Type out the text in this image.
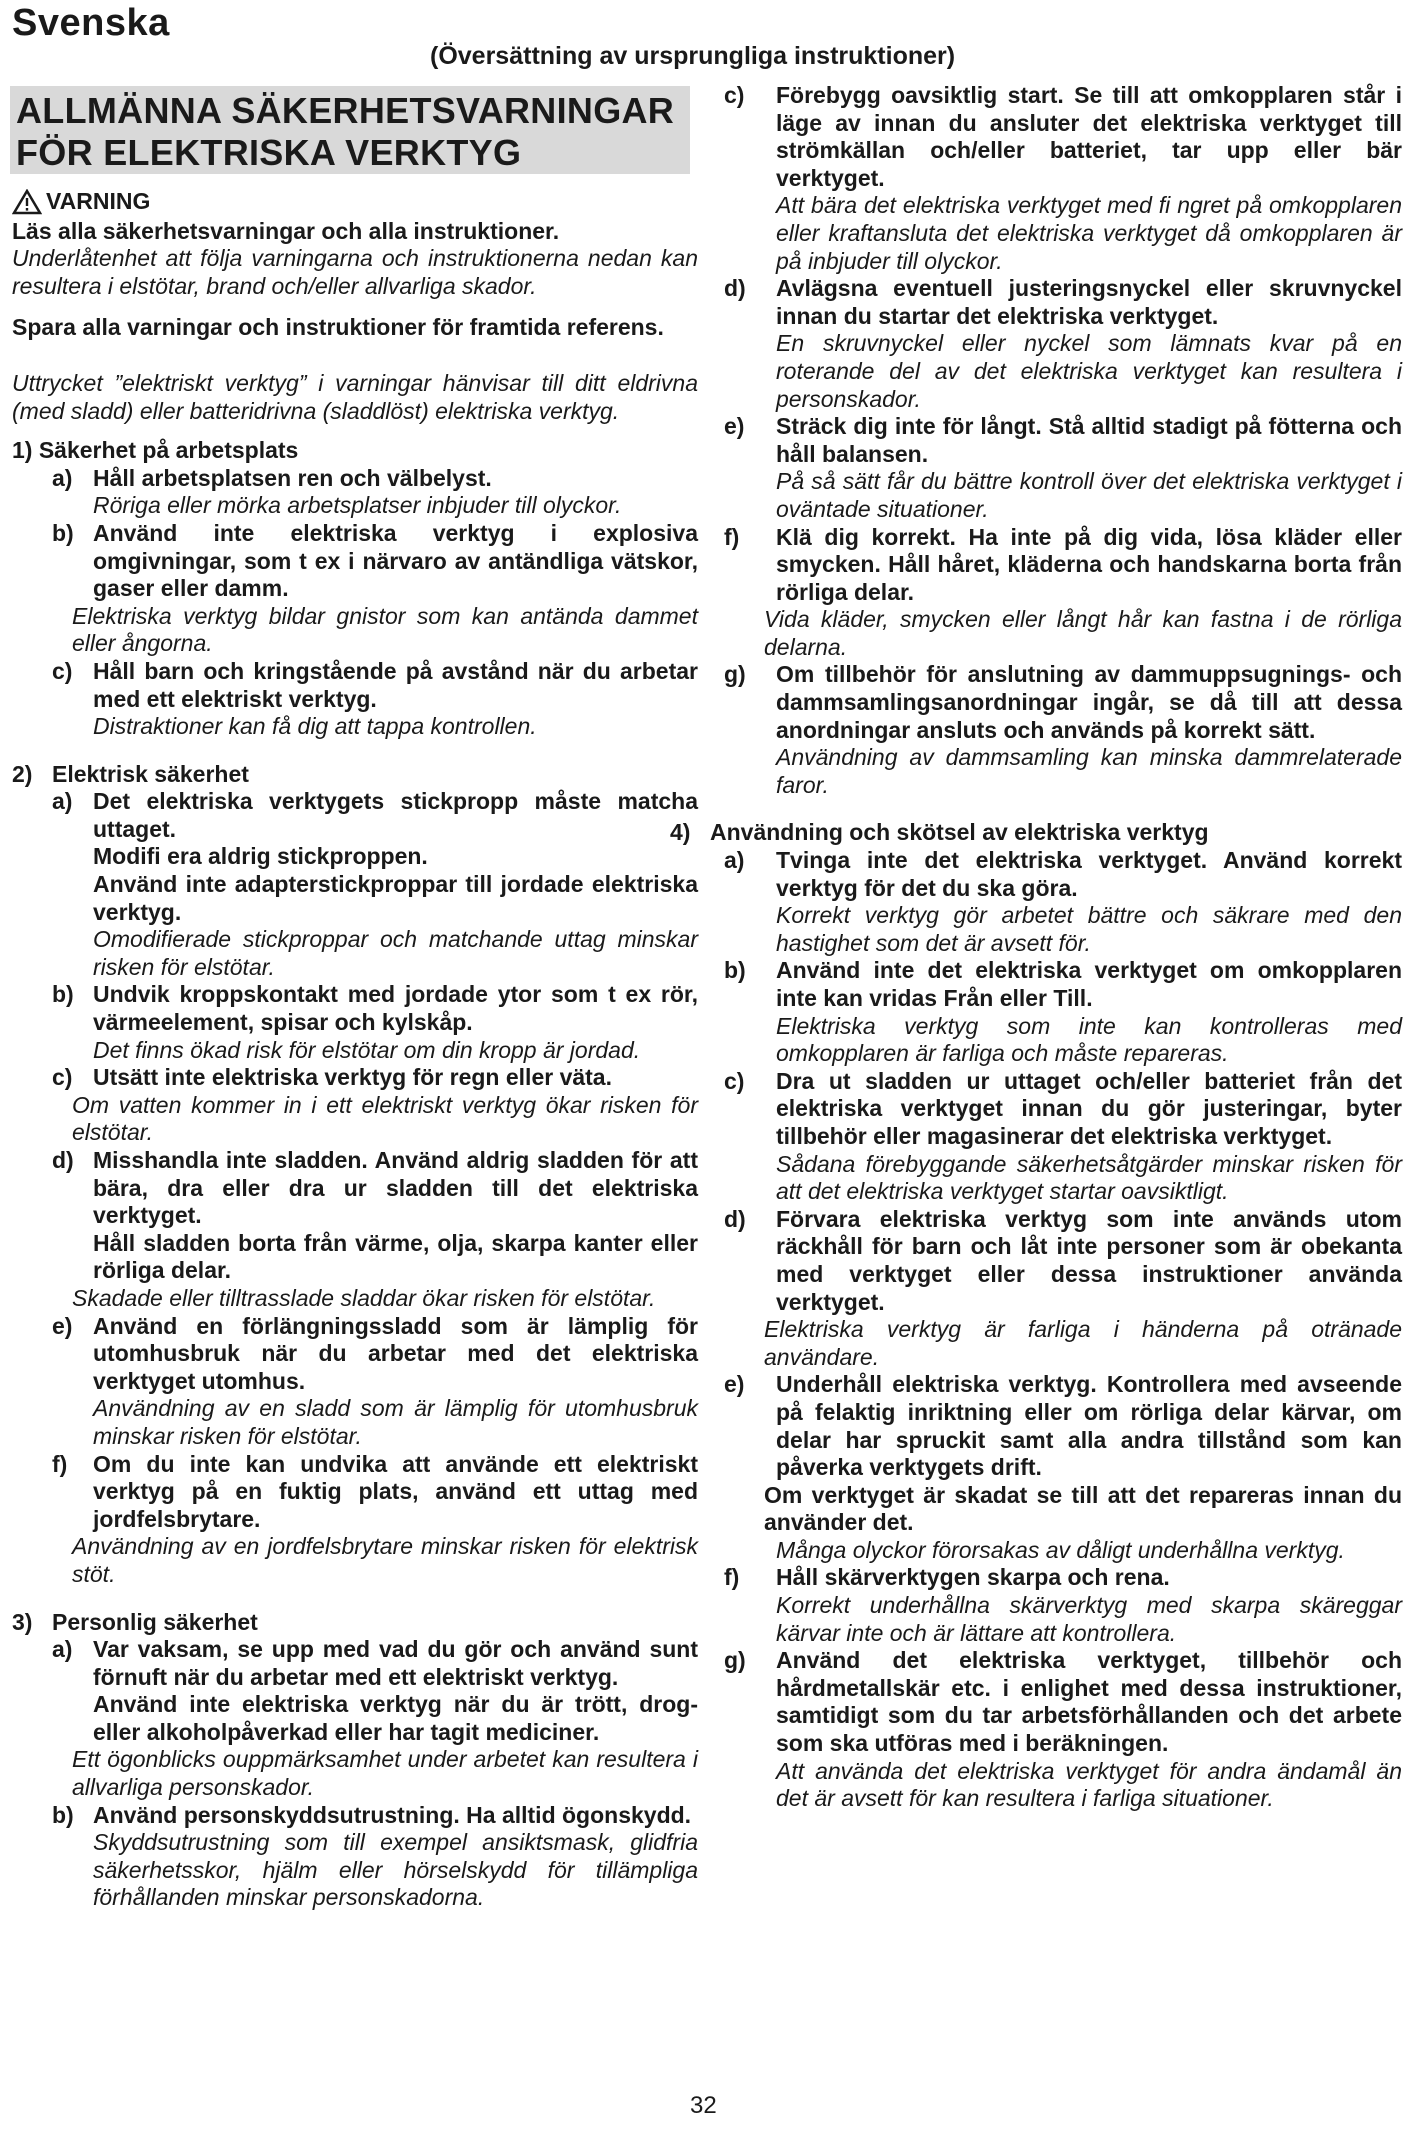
Svenska
(Översättning av ursprungliga instruktioner)
ALLMÄNNA SÄKERHETSVARNINGAR
FÖR ELEKTRISKA VERKTYG
VARNING

Läs alla säkerhetsvarningar och alla instruktioner.

Underlåtenhet att följa varningarna och instruktionerna nedan kan resultera i elstötar, brand och/eller allvarliga skador.

Spara alla varningar och instruktioner för framtida referens.

Uttrycket ”elektriskt verktyg” i varningar hänvisar till ditt eldrivna (med sladd) eller batteridrivna (sladdlöst) elektriska verktyg.

1) Säkerhet på arbetsplats

a) Håll arbetsplatsen ren och välbelyst.

Röriga eller mörka arbetsplatser inbjuder till olyckor.

b) Använd inte elektriska verktyg i explosiva omgivningar, som t ex i närvaro av antändliga vätskor, gaser eller damm.

Elektriska verktyg bildar gnistor som kan antända dammet eller ångorna.

c) Håll barn och kringstående på avstånd när du arbetar med ett elektriskt verktyg.

Distraktioner kan få dig att tappa kontrollen.

2) Elektrisk säkerhet
a) Det elektriska verktygets stickpropp måste matcha uttaget.

Modifi era aldrig stickproppen.

Använd inte adapterstickproppar till jordade elektriska verktyg.

Omodifierade stickproppar och matchande uttag minskar risken för elstötar.

b) Undvik kroppskontakt med jordade ytor som t ex rör, värmeelement, spisar och kylskåp.

Det finns ökad risk för elstötar om din kropp är jordad.

c) Utsätt inte elektriska verktyg för regn eller väta.

Om vatten kommer in i ett elektriskt verktyg ökar risken för elstötar.

d) Misshandla inte sladden. Använd aldrig sladden för att bära, dra eller dra ur sladden till det elektriska verktyget.

Håll sladden borta från värme, olja, skarpa kanter eller rörliga delar.

Skadade eller tilltrasslade sladdar ökar risken för elstötar.

e) Använd en förlängningssladd som är lämplig för utomhusbruk när du arbetar med det elektriska verktyget utomhus.

Användning av en sladd som är lämplig för utomhusbruk minskar risken för elstötar.

f) Om du inte kan undvika att använde ett elektriskt verktyg på en fuktig plats, använd ett uttag med jordfelsbrytare.

Användning av en jordfelsbrytare minskar risken för elektrisk stöt.

3) Personlig säkerhet
a) Var vaksam, se upp med vad du gör och använd sunt förnuft när du arbetar med ett elektriskt verktyg.

Använd inte elektriska verktyg när du är trött, drog- eller alkoholpåverkad eller har tagit mediciner.

Ett ögonblicks ouppmärksamhet under arbetet kan resultera i allvarliga personskador.

b) Använd personskyddsutrustning. Ha alltid ögonskydd.

Skyddsutrustning som till exempel ansiktsmask, glidfria säkerhetsskor, hjälm eller hörselskydd för tillämpliga förhållanden minskar personskadorna.

c) Förebygg oavsiktlig start. Se till att omkopplaren står i läge av innan du ansluter det elektriska verktyget till strömkällan och/eller batteriet, tar upp eller bär verktyget.

Att bära det elektriska verktyget med fi ngret på omkopplaren eller kraftansluta det elektriska verktyget då omkopplaren är på inbjuder till olyckor.

d) Avlägsna eventuell justeringsnyckel eller skruvnyckel innan du startar det elektriska verktyget.

En skruvnyckel eller nyckel som lämnats kvar på en roterande del av det elektriska verktyget kan resultera i personskador.

e) Sträck dig inte för långt. Stå alltid stadigt på fötterna och håll balansen.

På så sätt får du bättre kontroll över det elektriska verktyget i oväntade situationer.

f) Klä dig korrekt. Ha inte på dig vida, lösa kläder eller smycken. Håll håret, kläderna och handskarna borta från rörliga delar.

Vida kläder, smycken eller långt hår kan fastna i de rörliga delarna.

g) Om tillbehör för anslutning av dammuppsugnings- och dammsamlingsanordningar ingår, se då till att dessa anordningar ansluts och används på korrekt sätt.

Användning av dammsamling kan minska dammrelaterade faror.

4) Användning och skötsel av elektriska verktyg
a) Tvinga inte det elektriska verktyget. Använd korrekt verktyg för det du ska göra.

Korrekt verktyg gör arbetet bättre och säkrare med den hastighet som det är avsett för.

b) Använd inte det elektriska verktyget om omkopplaren inte kan vridas Från eller Till.

Elektriska verktyg som inte kan kontrolleras med omkopplaren är farliga och måste repareras.

c) Dra ut sladden ur uttaget och/eller batteriet från det elektriska verktyget innan du gör justeringar, byter tillbehör eller magasinerar det elektriska verktyget.

Sådana förebyggande säkerhetsåtgärder minskar risken för att det elektriska verktyget startar oavsiktligt.

d) Förvara elektriska verktyg som inte används utom räckhåll för barn och låt inte personer som är obekanta med verktyget eller dessa instruktioner använda verktyget.

Elektriska verktyg är farliga i händerna på otränade användare.

e) Underhåll elektriska verktyg. Kontrollera med avseende på felaktig inriktning eller om rörliga delar kärvar, om delar har spruckit samt alla andra tillstånd som kan påverka verktygets drift.

Om verktyget är skadat se till att det repareras innan du använder det.

Många olyckor förorsakas av dåligt underhållna verktyg.

f) Håll skärverktygen skarpa och rena.

Korrekt underhållna skärverktyg med skarpa skäreggar kärvar inte och är lättare att kontrollera.

g) Använd det elektriska verktyget, tillbehör och hårdmetallskär etc. i enlighet med dessa instruktioner, samtidigt som du tar arbetsförhållanden och det arbete som ska utföras med i beräkningen.

Att använda det elektriska verktyget för andra ändamål än det är avsett för kan resultera i farliga situationer.

32
